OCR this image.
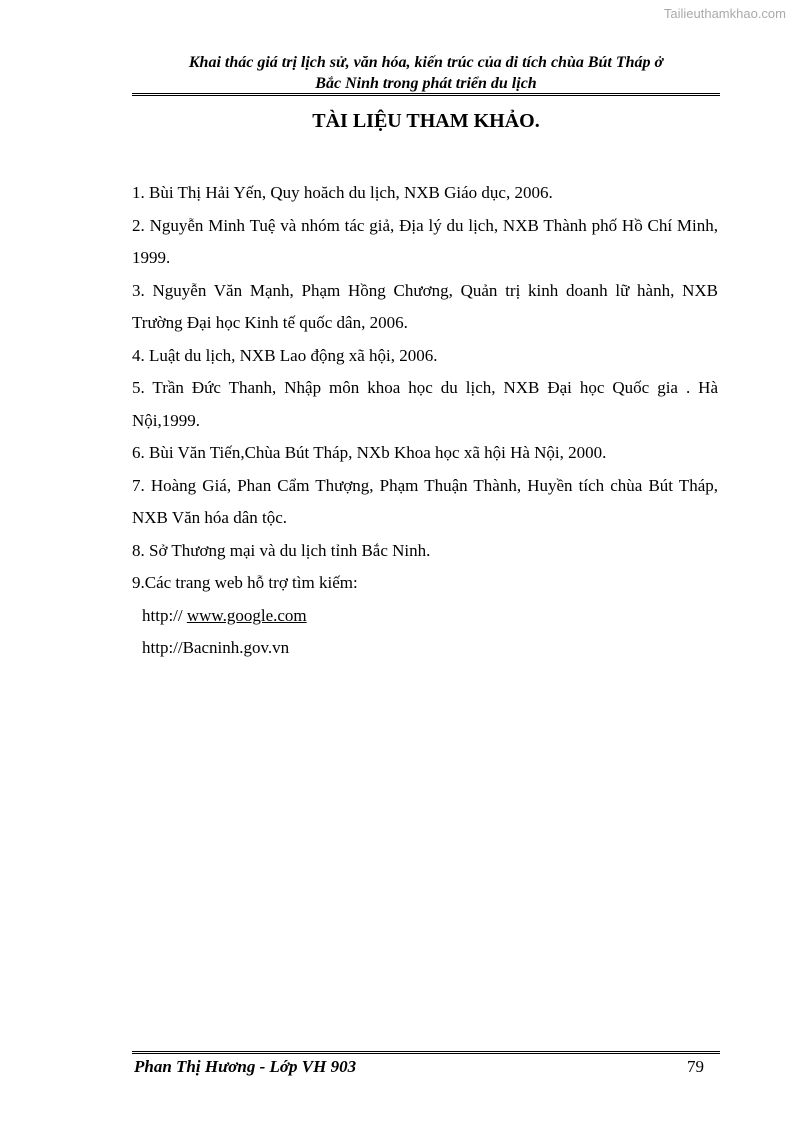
Tailieuthamkhao.com
Khai thác giá trị lịch sử, văn hóa, kiến trúc của di tích chùa Bút Tháp ở
Bắc Ninh trong phát triển du lịch
TÀI LIỆU THAM KHẢO.
1. Bùi Thị Hải Yến, Quy hoăch du lịch, NXB Giáo dục, 2006.
2. Nguyễn Minh Tuệ và nhóm tác giả, Địa lý du lịch, NXB Thành phố Hồ Chí Minh, 1999.
3. Nguyễn Văn Mạnh, Phạm Hồng Chương, Quản trị kinh doanh lữ hành, NXB Trường Đại học Kinh tế quốc dân, 2006.
4. Luật du lịch, NXB Lao động xã hội, 2006.
5. Trần Đức Thanh, Nhập môn khoa học du lịch, NXB Đại học Quốc gia . Hà Nội,1999.
6. Bùi Văn Tiến,Chùa Bút Tháp, NXb Khoa học xã hội Hà Nội, 2000.
7. Hoàng Giá, Phan Cẩm Thượng, Phạm Thuận Thành, Huyền tích chùa Bút Tháp, NXB Văn hóa dân tộc.
8. Sở Thương mại và du lịch tỉnh Bắc Ninh.
9.Các trang web hỗ trợ tìm kiếm:
http:// www.google.com
http://Bacninh.gov.vn
Phan Thị Hương - Lớp VH 903	79
